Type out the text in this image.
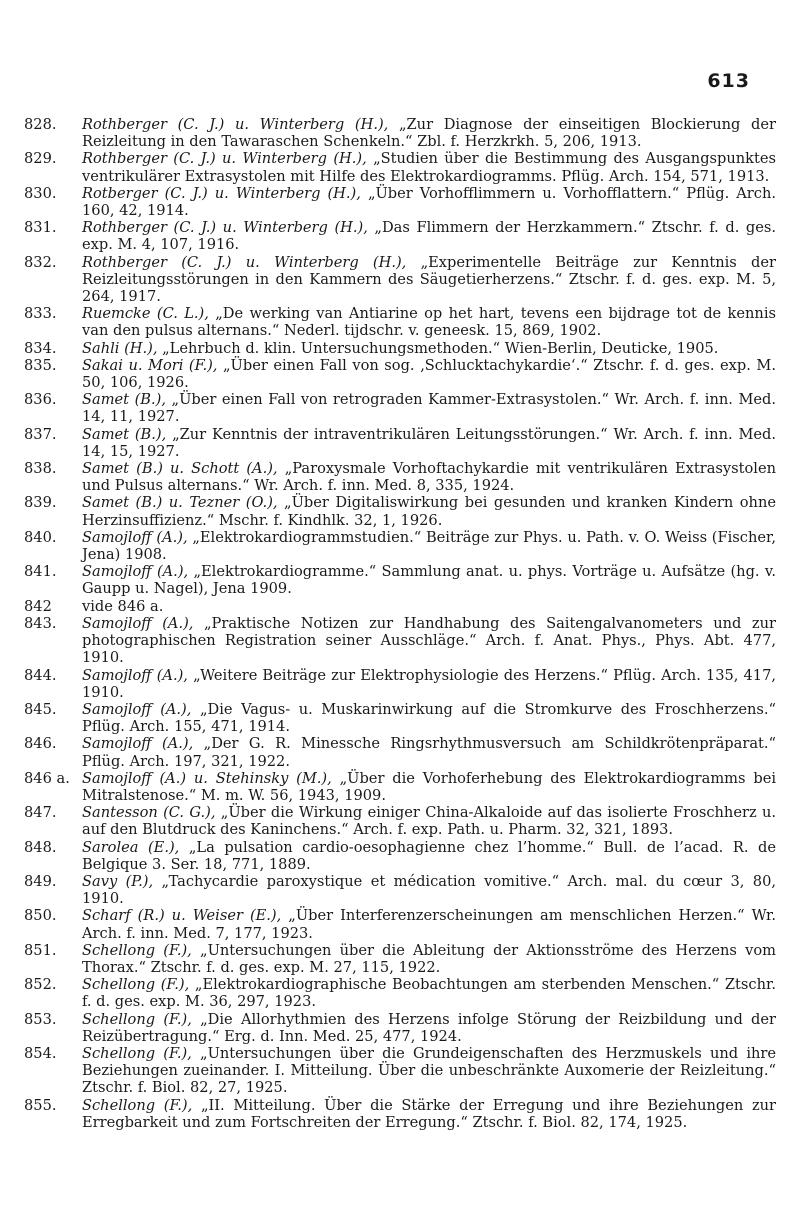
613
828. Rothberger (C. J.) u. Winterberg (H.), „Zur Diagnose der einseitigen Blockierung der Reizleitung in den Tawaraschen Schenkeln.“ Zbl. f. Herzkrkh. 5, 206, 1913.
829. Rothberger (C. J.) u. Winterberg (H.), „Studien über die Bestimmung des Ausgangspunktes ventrikulärer Extrasystolen mit Hilfe des Elektrokardiogramms. Pflüg. Arch. 154, 571, 1913.
830. Rotberger (C. J.) u. Winterberg (H.), „Über Vorhofflimmern u. Vorhofflattern.“ Pflüg. Arch. 160, 42, 1914.
831. Rothberger (C. J.) u. Winterberg (H.), „Das Flimmern der Herzkammern.“ Ztschr. f. d. ges. exp. M. 4, 107, 1916.
832. Rothberger (C. J.) u. Winterberg (H.), „Experimentelle Beiträge zur Kenntnis der Reizleitungsstörungen in den Kammern des Säugetierherzens.“ Ztschr. f. d. ges. exp. M. 5, 264, 1917.
833. Ruemcke (C. L.), „De werking van Antiarine op het hart, tevens een bijdrage tot de kennis van den pulsus alternans.“ Nederl. tijdschr. v. geneesk. 15, 869, 1902.
834. Sahli (H.), „Lehrbuch d. klin. Untersuchungsmethoden.“ Wien-Berlin, Deuticke, 1905.
835. Sakai u. Mori (F.), „Über einen Fall von sog. ‚Schlucktachykardie‘.“ Ztschr. f. d. ges. exp. M. 50, 106, 1926.
836. Samet (B.), „Über einen Fall von retrograden Kammer-Extrasystolen.“ Wr. Arch. f. inn. Med. 14, 11, 1927.
837. Samet (B.), „Zur Kenntnis der intraventrikulären Leitungsstörungen.“ Wr. Arch. f. inn. Med. 14, 15, 1927.
838. Samet (B.) u. Schott (A.), „Paroxysmale Vorhoftachykardie mit ventrikulären Extrasystolen und Pulsus alternans.“ Wr. Arch. f. inn. Med. 8, 335, 1924.
839. Samet (B.) u. Tezner (O.), „Über Digitaliswirkung bei gesunden und kranken Kindern ohne Herzinsuffizienz.“ Mschr. f. Kindhlk. 32, 1, 1926.
840. Samojloff (A.), „Elektrokardiogrammstudien.“ Beiträge zur Phys. u. Path. v. O. Weiss (Fischer, Jena) 1908.
841. Samojloff (A.), „Elektrokardiogramme.“ Sammlung anat. u. phys. Vorträge u. Aufsätze (hg. v. Gaupp u. Nagel), Jena 1909.
842 vide 846 a.
843. Samojloff (A.), „Praktische Notizen zur Handhabung des Saitengalvanometers und zur photographischen Registration seiner Ausschläge.“ Arch. f. Anat. Phys., Phys. Abt. 477, 1910.
844. Samojloff (A.), „Weitere Beiträge zur Elektrophysiologie des Herzens.“ Pflüg. Arch. 135, 417, 1910.
845. Samojloff (A.), „Die Vagus- u. Muskarinwirkung auf die Stromkurve des Froschherzens.“ Pflüg. Arch. 155, 471, 1914.
846. Samojloff (A.), „Der G. R. Minessche Ringsrhythmusversuch am Schildkrötenpräparat.“ Pflüg. Arch. 197, 321, 1922.
846 a. Samojloff (A.) u. Stehinsky (M.), „Über die Vorhoferhebung des Elektrokardiogramms bei Mitralstenose.“ M. m. W. 56, 1943, 1909.
847. Santesson (C. G.), „Über die Wirkung einiger China-Alkaloide auf das isolierte Froschherz u. auf den Blutdruck des Kaninchens.“ Arch. f. exp. Path. u. Pharm. 32, 321, 1893.
848. Sarolea (E.), „La pulsation cardio-oesophagienne chez l’homme.“ Bull. de l’acad. R. de Belgique 3. Ser. 18, 771, 1889.
849. Savy (P.), „Tachycardie paroxystique et médication vomitive.“ Arch. mal. du cœur 3, 80, 1910.
850. Scharf (R.) u. Weiser (E.), „Über Interferenzerscheinungen am menschlichen Herzen.“ Wr. Arch. f. inn. Med. 7, 177, 1923.
851. Schellong (F.), „Untersuchungen über die Ableitung der Aktionsströme des Herzens vom Thorax.“ Ztschr. f. d. ges. exp. M. 27, 115, 1922.
852. Schellong (F.), „Elektrokardiographische Beobachtungen am sterbenden Menschen.“ Ztschr. f. d. ges. exp. M. 36, 297, 1923.
853. Schellong (F.), „Die Allorhythmien des Herzens infolge Störung der Reizbildung und der Reizübertragung.“ Erg. d. Inn. Med. 25, 477, 1924.
854. Schellong (F.), „Untersuchungen über die Grundeigenschaften des Herzmuskels und ihre Beziehungen zueinander. I. Mitteilung. Über die unbeschränkte Auxomerie der Reizleitung.“ Ztschr. f. Biol. 82, 27, 1925.
855. Schellong (F.), „II. Mitteilung. Über die Stärke der Erregung und ihre Beziehungen zur Erregbarkeit und zum Fortschreiten der Erregung.“ Ztschr. f. Biol. 82, 174, 1925.
